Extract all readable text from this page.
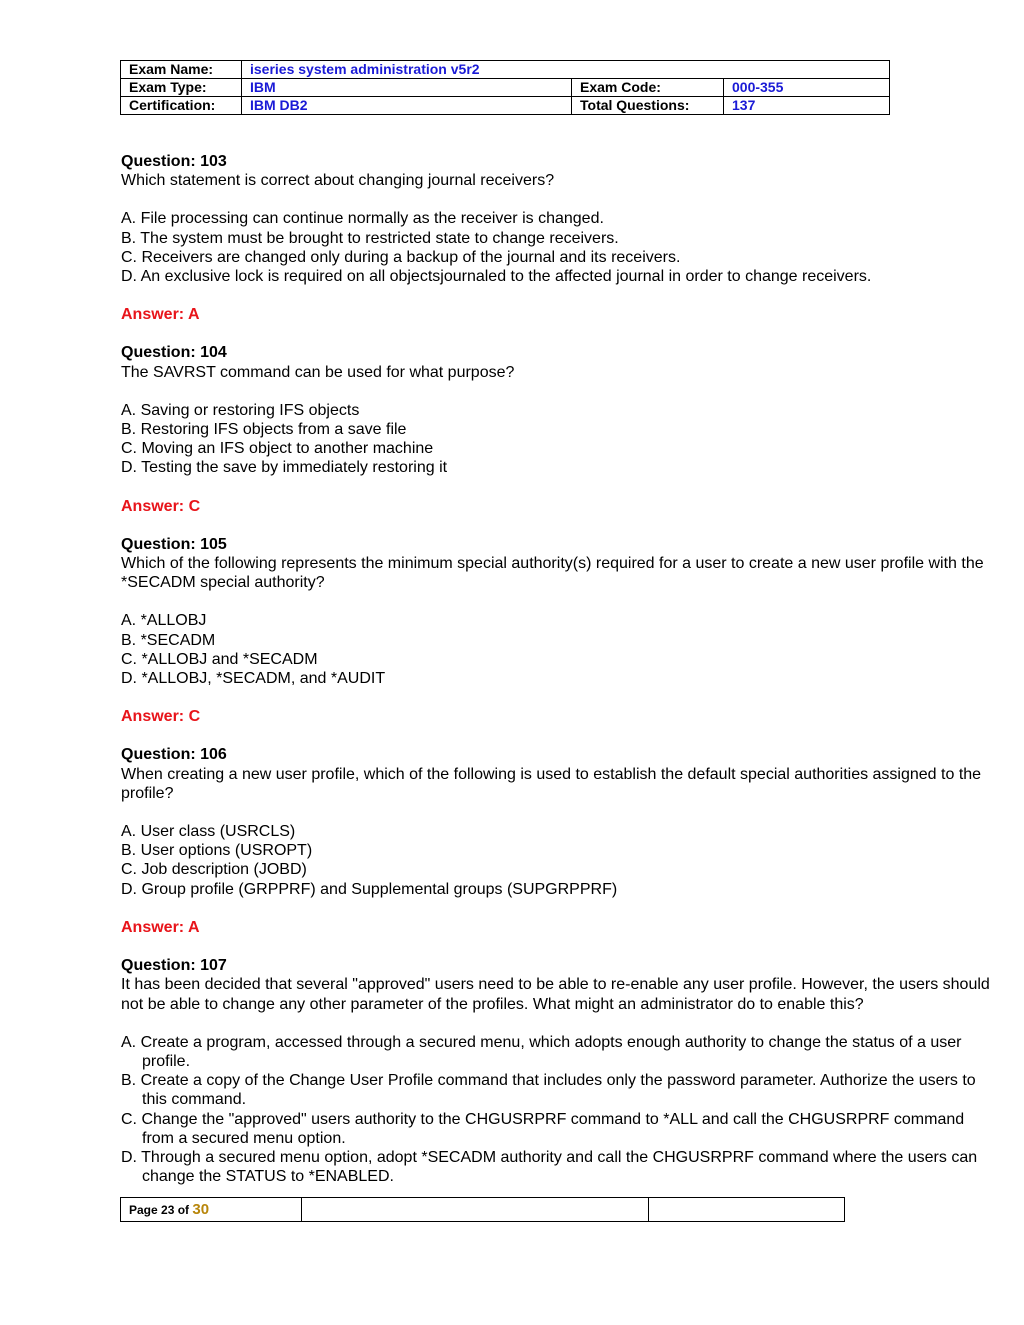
Exam Name:	iseries system administration v5r2		
Exam Type:	IBM	Exam Code:	000-355
Certification:	IBM DB2	Total Questions:	137
Question: 103
Which statement is correct about changing journal receivers?
A. File processing can continue normally as the receiver is changed.
B. The system must be brought to restricted state to change receivers.
C. Receivers are changed only during a backup of the journal and its receivers.
D. An exclusive lock is required on all objectsjournaled to the affected journal in order to change receivers.
Answer: A
Question: 104
The SAVRST command can be used for what purpose?
A. Saving or restoring IFS objects
B. Restoring IFS objects from a save file
C. Moving an IFS object to another machine
D. Testing the save by immediately restoring it
Answer: C
Question: 105
Which of the following represents the minimum special authority(s) required for a user to create a new user profile with the *SECADM special authority?
A. *ALLOBJ
B. *SECADM
C. *ALLOBJ and *SECADM
D. *ALLOBJ, *SECADM, and *AUDIT
Answer: C
Question: 106
When creating a new user profile, which of the following is used to establish the default special authorities assigned to the profile?
A. User class (USRCLS)
B. User options (USROPT)
C. Job description (JOBD)
D. Group profile (GRPPRF) and Supplemental groups (SUPGRPPRF)
Answer: A
Question: 107
It has been decided that several "approved" users need to be able to re-enable any user profile. However, the users should not be able to change any other parameter of the profiles. What might an administrator do to enable this?
A. Create a program, accessed through a secured menu, which adopts enough authority to change the status of a user profile.
B. Create a copy of the Change User Profile command that includes only the password parameter. Authorize the users to this command.
C. Change the "approved" users authority to the CHGUSRPRF command to *ALL and call the CHGUSRPRF command from a secured menu option.
D. Through a secured menu option, adopt *SECADM authority and call the CHGUSRPRF command where the users can change the STATUS to *ENABLED.
Page 23 of 30		
